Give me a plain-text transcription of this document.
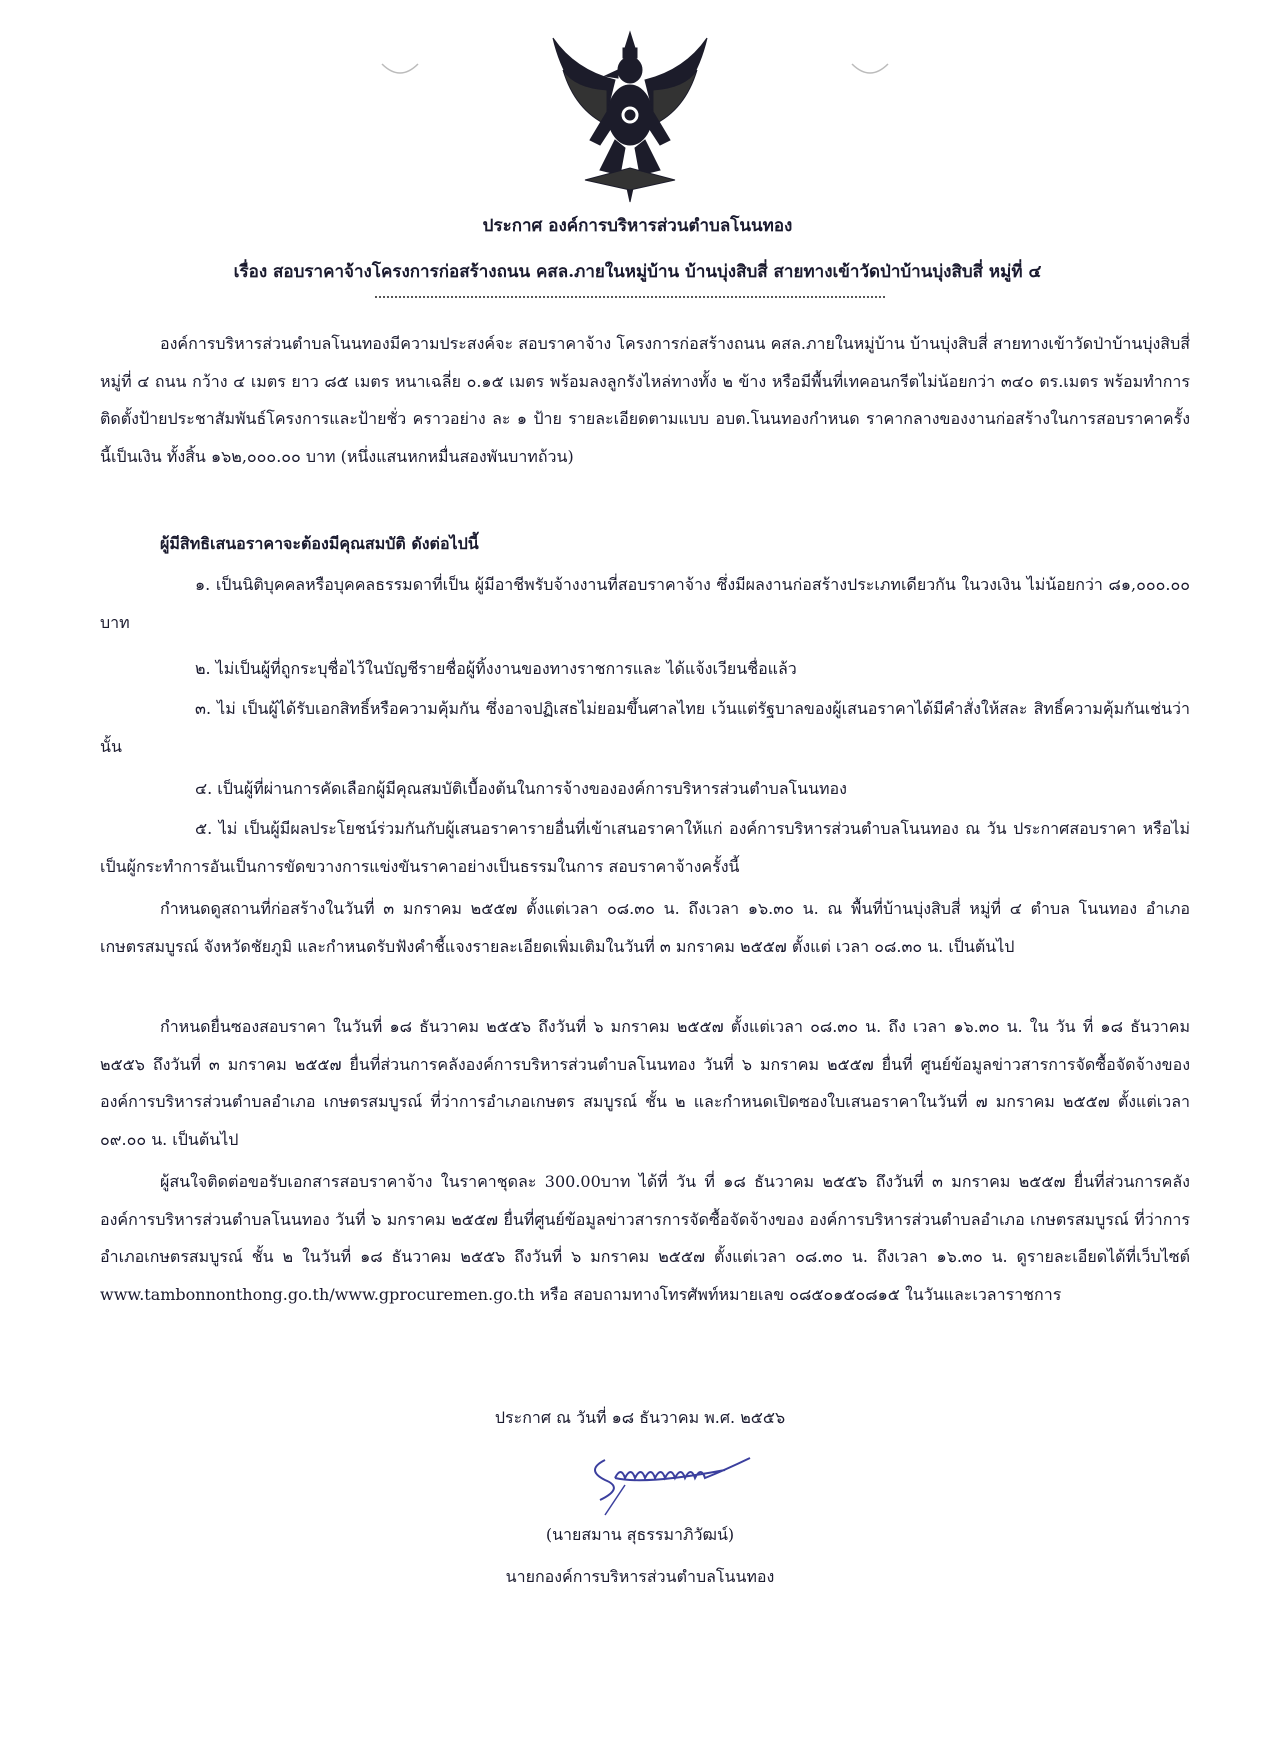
ประกาศ องค์การบริหารส่วนตำบลโนนทอง
เรื่อง สอบราคาจ้างโครงการก่อสร้างถนน คสล.ภายในหมู่บ้าน บ้านบุ่งสิบสี่ สายทางเข้าวัดป่าบ้านบุ่งสิบสี่ หมู่ที่ ๔
องค์การบริหารส่วนตำบลโนนทองมีความประสงค์จะ สอบราคาจ้าง โครงการก่อสร้างถนน คสล.ภายในหมู่บ้าน บ้านบุ่งสิบสี่ สายทางเข้าวัดป่าบ้านบุ่งสิบสี่ หมู่ที่ ๔ ถนน กว้าง ๔ เมตร ยาว ๘๕ เมตร หนาเฉลี่ย ๐.๑๕ เมตร พร้อมลงลูกรังไหล่ทางทั้ง ๒ ข้าง หรือมีพื้นที่เทคอนกรีตไม่น้อยกว่า ๓๔๐ ตร.เมตร พร้อมทำการติดตั้งป้ายประชาสัมพันธ์โครงการและป้ายชั่ว คราวอย่าง ละ ๑ ป้าย รายละเอียดตามแบบ อบต.โนนทองกำหนด ราคากลางของงานก่อสร้างในการสอบราคาครั้งนี้เป็นเงิน ทั้งสิ้น ๑๖๒,๐๐๐.๐๐ บาท (หนึ่งแสนหกหมื่นสองพันบาทถ้วน)
ผู้มีสิทธิเสนอราคาจะต้องมีคุณสมบัติ ดังต่อไปนี้
๑. เป็นนิติบุคคลหรือบุคคลธรรมดาที่เป็น ผู้มีอาชีพรับจ้างงานที่สอบราคาจ้าง ซึ่งมีผลงานก่อสร้างประเภทเดียวกัน ในวงเงิน ไม่น้อยกว่า ๘๑,๐๐๐.๐๐ บาท
๒. ไม่เป็นผู้ที่ถูกระบุชื่อไว้ในบัญชีรายชื่อผู้ทิ้งงานของทางราชการและ ได้แจ้งเวียนชื่อแล้ว
๓. ไม่ เป็นผู้ได้รับเอกสิทธิ์หรือความคุ้มกัน ซึ่งอาจปฏิเสธไม่ยอมขึ้นศาลไทย เว้นแต่รัฐบาลของผู้เสนอราคาได้มีคำสั่งให้สละ สิทธิ์ความคุ้มกันเช่นว่านั้น
๔. เป็นผู้ที่ผ่านการคัดเลือกผู้มีคุณสมบัติเบื้องต้นในการจ้างขององค์การบริหารส่วนตำบลโนนทอง
๕. ไม่ เป็นผู้มีผลประโยชน์ร่วมกันกับผู้เสนอราคารายอื่นที่เข้าเสนอราคาให้แก่ องค์การบริหารส่วนตำบลโนนทอง ณ วัน ประกาศสอบราคา หรือไม่เป็นผู้กระทำการอันเป็นการขัดขวางการแข่งขันราคาอย่างเป็นธรรมในการ สอบราคาจ้างครั้งนี้
กำหนดดูสถานที่ก่อสร้างในวันที่ ๓ มกราคม ๒๕๕๗ ตั้งแต่เวลา ๐๘.๓๐ น. ถึงเวลา ๑๖.๓๐ น. ณ พื้นที่บ้านบุ่งสิบสี่ หมู่ที่ ๔ ตำบล โนนทอง อำเภอเกษตรสมบูรณ์ จังหวัดชัยภูมิ และกำหนดรับฟังคำชี้แจงรายละเอียดเพิ่มเติมในวันที่ ๓ มกราคม ๒๕๕๗ ตั้งแต่ เวลา ๐๘.๓๐ น. เป็นต้นไป
กำหนดยื่นซองสอบราคา ในวันที่ ๑๘ ธันวาคม ๒๕๕๖ ถึงวันที่ ๖ มกราคม ๒๕๕๗ ตั้งแต่เวลา ๐๘.๓๐ น. ถึง เวลา ๑๖.๓๐ น. ใน วัน ที่ ๑๘ ธันวาคม ๒๕๕๖ ถึงวันที่ ๓ มกราคม ๒๕๕๗ ยื่นที่ส่วนการคลังองค์การบริหารส่วนตำบลโนนทอง วันที่ ๖ มกราคม ๒๕๕๗ ยื่นที่ ศูนย์ข้อมูลข่าวสารการจัดซื้อจัดจ้างขององค์การบริหารส่วนตำบลอำเภอ เกษตรสมบูรณ์ ที่ว่าการอำเภอเกษตร สมบูรณ์ ชั้น ๒ และกำหนดเปิดซองใบเสนอราคาในวันที่ ๗ มกราคม ๒๕๕๗ ตั้งแต่เวลา ๐๙.๐๐ น. เป็นต้นไป
ผู้สนใจติดต่อขอรับเอกสารสอบราคาจ้าง ในราคาชุดละ 300.00บาท ได้ที่ วัน ที่ ๑๘ ธันวาคม ๒๕๕๖ ถึงวันที่ ๓ มกราคม ๒๕๕๗ ยื่นที่ส่วนการคลัง องค์การบริหารส่วนตำบลโนนทอง วันที่ ๖ มกราคม ๒๕๕๗ ยื่นที่ศูนย์ข้อมูลข่าวสารการจัดซื้อจัดจ้างของ องค์การบริหารส่วนตำบลอำเภอ เกษตรสมบูรณ์ ที่ว่าการอำเภอเกษตรสมบูรณ์ ชั้น ๒ ในวันที่ ๑๘ ธันวาคม ๒๕๕๖ ถึงวันที่ ๖ มกราคม ๒๕๕๗ ตั้งแต่เวลา ๐๘.๓๐ น. ถึงเวลา ๑๖.๓๐ น. ดูรายละเอียดได้ที่เว็บไซต์ www.tambonnonthong.go.th/www.gprocuremen.go.th หรือ สอบถามทางโทรศัพท์หมายเลข ๐๘๕๐๑๕๐๘๑๕ ในวันและเวลาราชการ
ประกาศ ณ วันที่ ๑๘ ธันวาคม พ.ศ. ๒๕๕๖
(นายสมาน สุธรรมาภิวัฒน์)
นายกองค์การบริหารส่วนตำบลโนนทอง
